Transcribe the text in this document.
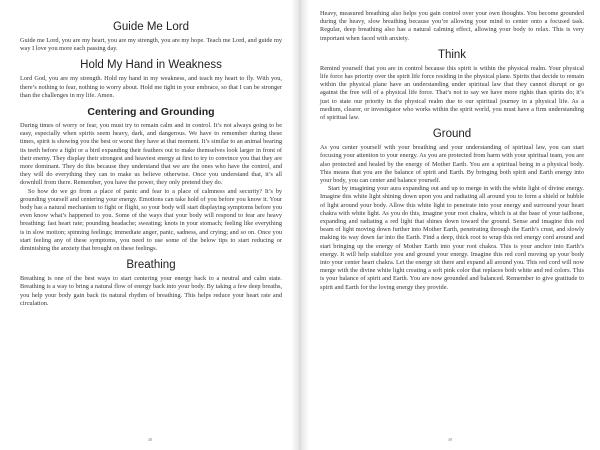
Guide Me Lord

Guide me Lord, you are my heart, you are my strength, you are my hope. Teach me Lord, and guide my way I love you more each passing day.

Hold My Hand in Weakness

Lord God, you are my strength. Hold my hand in my weakness, and teach my heart to fly. With you, there’s nothing to fear, nothing to worry about. Hold me tight in your embrace, so that I can be stronger than the challenges in my life. Amen.

Centering and Grounding

During times of worry or fear, you must try to remain calm and in control. It’s not always going to be easy, especially when spirits seem heavy, dark, and dangerous. We have to remember during these times, spirit is showing you the best or worst they have at that moment. It’s similar to an animal bearing its teeth before a fight or a bird expanding their feathers out to make themselves look larger in front of their enemy. They display their strongest and heaviest energy at first to try to convince you that they are more dominant. They do this because they understand that we are the ones who have the control, and they will do everything they can to make us believe otherwise. Once you understand that, it’s all downhill from there. Remember, you have the power, they only pretend they do.

So how do we go from a place of panic and fear to a place of calmness and security? It’s by grounding yourself and centering your energy. Emotions can take hold of you before you know it. Your body has a natural mechanism to fight or flight, so your body will start displaying symptoms before you even know what’s happened to you. Some of the ways that your body will respond to fear are heavy breathing; fast heart rate; pounding headache; sweating; knots in your stomach; feeling like everything is in slow motion; spinning feelings; immediate anger, panic, sadness, and crying; and so on. Once you start feeling any of these symptoms, you need to use some of the below tips to start reducing or diminishing the anxiety that brought on these feelings.

Breathing

Breathing is one of the best ways to start centering your energy back to a neutral and calm state. Breathing is a way to bring a natural flow of energy back into your body. By taking a few deep breaths, you help your body gain back its natural rhythm of breathing. This helps reduce your heart rate and circulation.

48

Heavy, measured breathing also helps you gain control over your own thoughts. You become grounded during the heavy, slow breathing because you’re allowing your mind to center onto a focused task. Regular, deep breathing also has a natural calming effect, allowing your body to relax. This is very important when faced with anxiety.

Think

Remind yourself that you are in control because this spirit is within the physical realm. Your physical life force has priority over the spirit life force residing in the physical plane. Spirits that decide to remain within the physical plane have an understanding under spiritual law that they cannot disrupt or go against the free will of a physical life force. That’s not to say we have more rights than spirits do; it’s just to state our priority in the physical realm due to our spiritual journey in a physical life. As a medium, clearer, or investigator who works within the spirit world, you must have a firm understanding of spiritual law.

Ground

As you center yourself with your breathing and your understanding of spiritual law, you can start focusing your attention to your energy. As you are protected from harm with your spiritual team, you are also protected and healed by the energy of Mother Earth. You are a spiritual being in a physical body. This means that you are the balance of spirit and Earth. By bringing both spirit and Earth energy into your body, you can center and balance yourself.

Start by imagining your aura expanding out and up to merge in with the white light of divine energy. Imagine this white light shining down upon you and radiating all around you to form a shield or bubble of light around your body. Allow this white light to penetrate into your energy and surround your heart chakra with white light. As you do this, imagine your root chakra, which is at the base of your tailbone, expanding and radiating a red light that shines down toward the ground. Sense and imagine this red beam of light moving down further into Mother Earth, penetrating through the Earth’s crust, and slowly making its way down far into the Earth. Find a deep, thick root to wrap this red energy cord around and start bringing up the energy of Mother Earth into your root chakra. This is your anchor into Earth’s energy. It will help stabilize you and ground your energy. Imagine this red cord moving up your body into your center heart chakra. Let the energy sit there and expand all around you. This red cord will now merge with the divine white light creating a soft pink color that replaces both white and red colors. This is your balance of spirit and Earth. You are now grounded and balanced. Remember to give gratitude to spirit and Earth for the loving energy they provide.

49
